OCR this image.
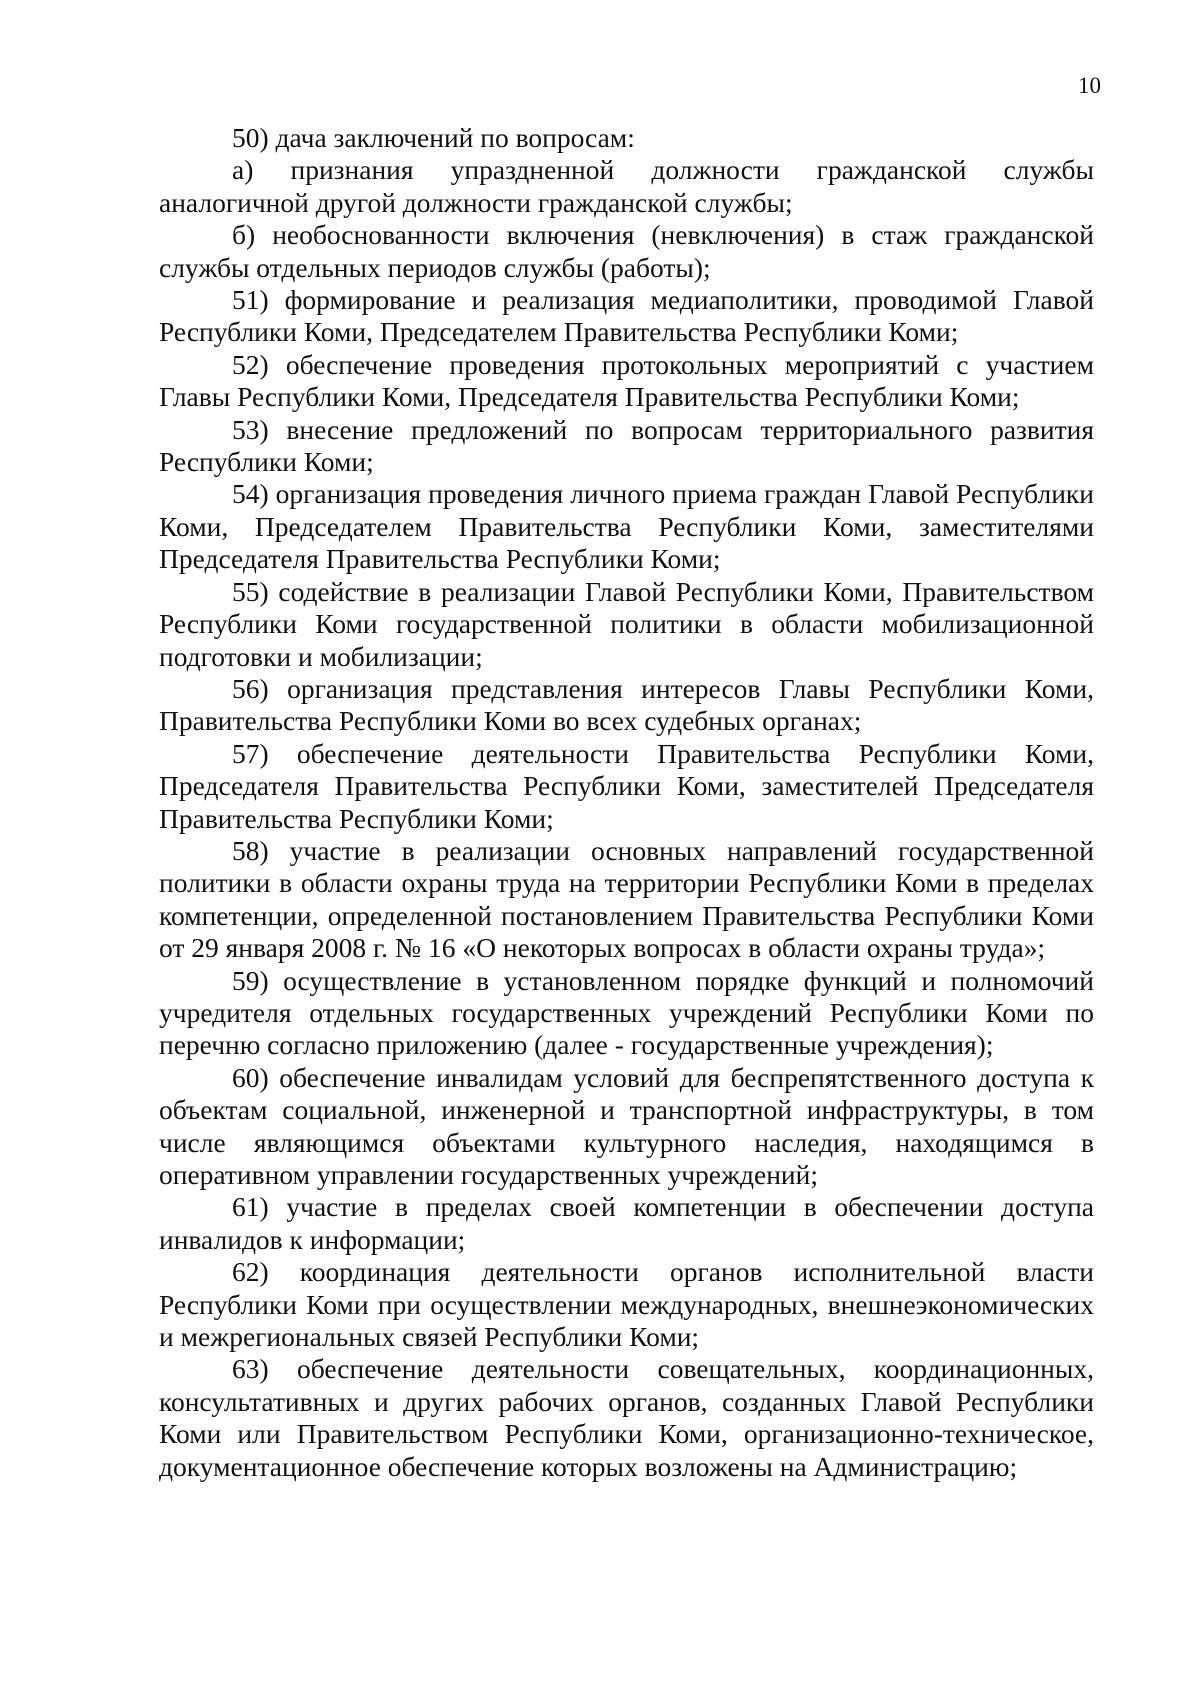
10

50) дача заключений по вопросам:

а) признания упраздненной должности гражданской службы аналогичной другой должности гражданской службы;

б) необоснованности включения (невключения) в стаж гражданской службы отдельных периодов службы (работы);

51) формирование и реализация медиаполитики, проводимой Главой Республики Коми, Председателем Правительства Республики Коми;

52) обеспечение проведения протокольных мероприятий с участием Главы Республики Коми, Председателя Правительства Республики Коми;

53) внесение предложений по вопросам территориального развития Республики Коми;

54) организация проведения личного приема граждан Главой Республики Коми, Председателем Правительства Республики Коми, заместителями Председателя Правительства Республики Коми;

55) содействие в реализации Главой Республики Коми, Правительством Республики Коми государственной политики в области мобилизационной подготовки и мобилизации;

56) организация представления интересов Главы Республики Коми, Правительства Республики Коми во всех судебных органах;

57) обеспечение деятельности Правительства Республики Коми, Председателя Правительства Республики Коми, заместителей Председателя Правительства Республики Коми;

58) участие в реализации основных направлений государственной политики в области охраны труда на территории Республики Коми в пределах компетенции, определенной постановлением Правительства Республики Коми от 29 января 2008 г. № 16 «О некоторых вопросах в области охраны труда»;

59) осуществление в установленном порядке функций и полномочий учредителя отдельных государственных учреждений Республики Коми по перечню согласно приложению (далее - государственные учреждения);

60) обеспечение инвалидам условий для беспрепятственного доступа к объектам социальной, инженерной и транспортной инфраструктуры, в том числе являющимся объектами культурного наследия, находящимся в оперативном управлении государственных учреждений;

61) участие в пределах своей компетенции в обеспечении доступа инвалидов к информации;

62) координация деятельности органов исполнительной власти Республики Коми при осуществлении международных, внешнеэкономических и межрегиональных связей Республики Коми;

63) обеспечение деятельности совещательных, координационных, консультативных и других рабочих органов, созданных Главой Республики Коми или Правительством Республики Коми, организационно-техническое, документационное обеспечение которых возложены на Администрацию;
